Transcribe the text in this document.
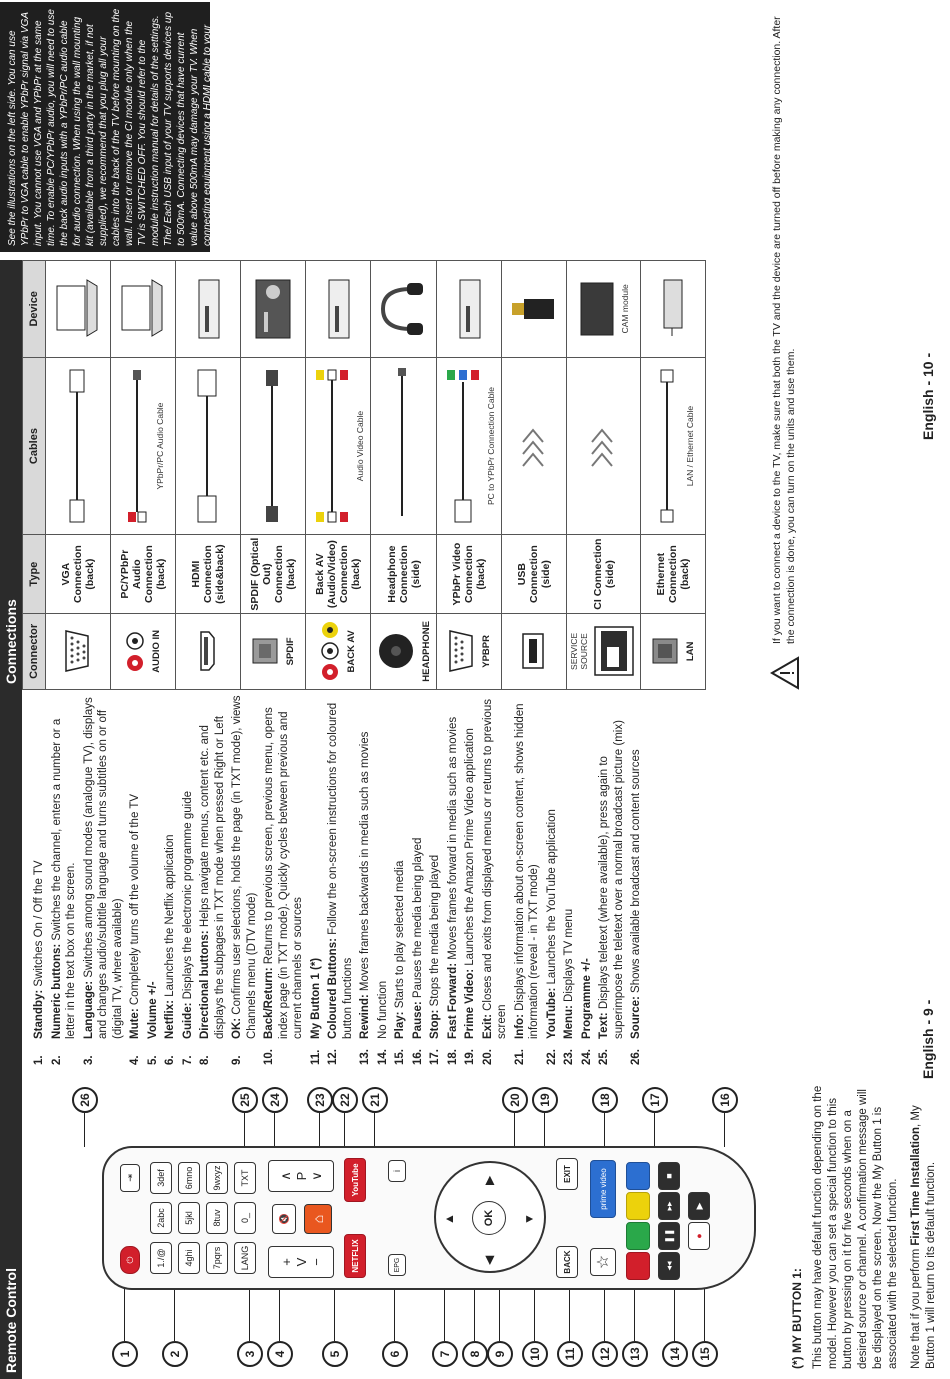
Remote Control	1	2	3	4	5	6	7	8 9	10	11	12	13	14	15
26	25	24	23 22	21	20	19	18	17	16
⏻
⇥
1./@
2abc
3def
4ghi
5jkl
6mno
7pqrs
8tuv
9wxyz
LANG
0_
TXT
+ V −
🔇	⌂
∧ P ∨
NETFLIX
YouTube
EPG
i
▲	▼
◀
▶
OK
BACK
EXIT
☆
prime video
◂◂
❚❚
▸▸
■
●
▶
(*) MY BUTTON 1: This button may have default function depending on the model. However you can set a special function to this button by pressing on it for five seconds when on a desired source or channel. A confirmation message will be displayed on the screen. Now the My Button 1 is associated with the selected function. Note that if you perform First Time Installation, My Button 1 will return to its default function.

1.
Standby: Switches On / Off the TV
2.
Numeric buttons: Switches the channel, enters a number or a letter in the text box on the screen.
3.
Language: Switches among sound modes (analogue TV), displays and changes audio/subtitle language and turns subtitles on or off (digital TV, where available)
4.
Mute: Completely turns off the volume of the TV
5.
Volume +/-
6.
Netflix: Launches the Netflix application
7.
Guide: Displays the electronic programme guide
8.
Directional buttons: Helps navigate menus, content etc. and displays the subpages in TXT mode when pressed Right or Left
9.
OK: Confirms user selections, holds the page (in TXT mode), views Channels menu (DTV mode)
10.
Back/Return: Returns to previous screen, previous menu, opens index page (in TXT mode). Quickly cycles between previous and current channels or sources
11.
My Button 1 (*)
12.
Coloured Buttons: Follow the on-screen instructions for coloured button functions
13.
Rewind: Moves frames backwards in media such as movies
14.
No function
15.
Play: Starts to play selected media
16.
Pause: Pauses the media being played
17.
Stop: Stops the media being played
18.
Fast Forward: Moves frames forward in media such as movies
19.
Prime Video: Launches the Amazon Prime Video application
20.
Exit: Closes and exits from displayed menus or returns to previous screen
21.
Info: Displays information about on-screen content, shows hidden information (reveal - in TXT mode)
22.
YouTube: Launches the YouTube application
23.
Menu: Displays TV menu
24.
Programme +/-
25.
Text: Displays teletext (where available), press again to superimpose the teletext over a normal broadcast picture (mix)
26.
Source: Shows available broadcast and content sources
English - 9 -
Connections Connector	Type	Cables	Device
	VGA Connection (back)		

AUDIO IN	PC/YPbPr Audio Connection (back)	YPbPr/PC Audio Cable

	HDMI Connection (side&back)		

SPDIF	SPDIF (Optical Out) Connection (back)		

BACK AV	Back AV (Audio/Video) Connection (back)	Audio Video Cable

HEADPHONE	Headphone Connection (side)		

YPBPR	YPbPr Video Connection (back)	PC to YPbPr Connection Cable

	USB Connection (side)		

SERVICE SOURCE	CI Connection (side)		CAM module

LAN	Ethernet Connection (back)	LAN / Ethernet Cable

See the illustrations on the left side. You can use YPbPr to VGA cable to enable YPbPr signal via VGA input. You cannot use VGA and YPbPr at the same time. To enable PC/YPbPr audio, you will need to use the back audio inputs with a YPbPr/PC audio cable for audio connection. When using the wall mounting kit (available from a third party in the market, if not supplied), we recommend that you plug all your cables into the back of the TV before mounting on the wall. Insert or remove the CI module only when the TV is SWITCHED OFF. You should refer to the module instruction manual for details of the settings. The/ Each USB input of your TV supports devices up to 500mA. Connecting devices that have current value above 500mA may damage your TV. When connecting equipment using a HDMI cable to your TV, to guarantee sufficient immunity against parasitic frequency radiation and trouble-free transmission of high definition signals, such as 4K content, you have to use a high speed shielded (high grade) HDMI cable with ferrites.	If you want to connect a device to the TV, make sure that both the TV and the device are turned off before making any connection. After the connection is done, you can turn on the units and use them.	English - 10 -
